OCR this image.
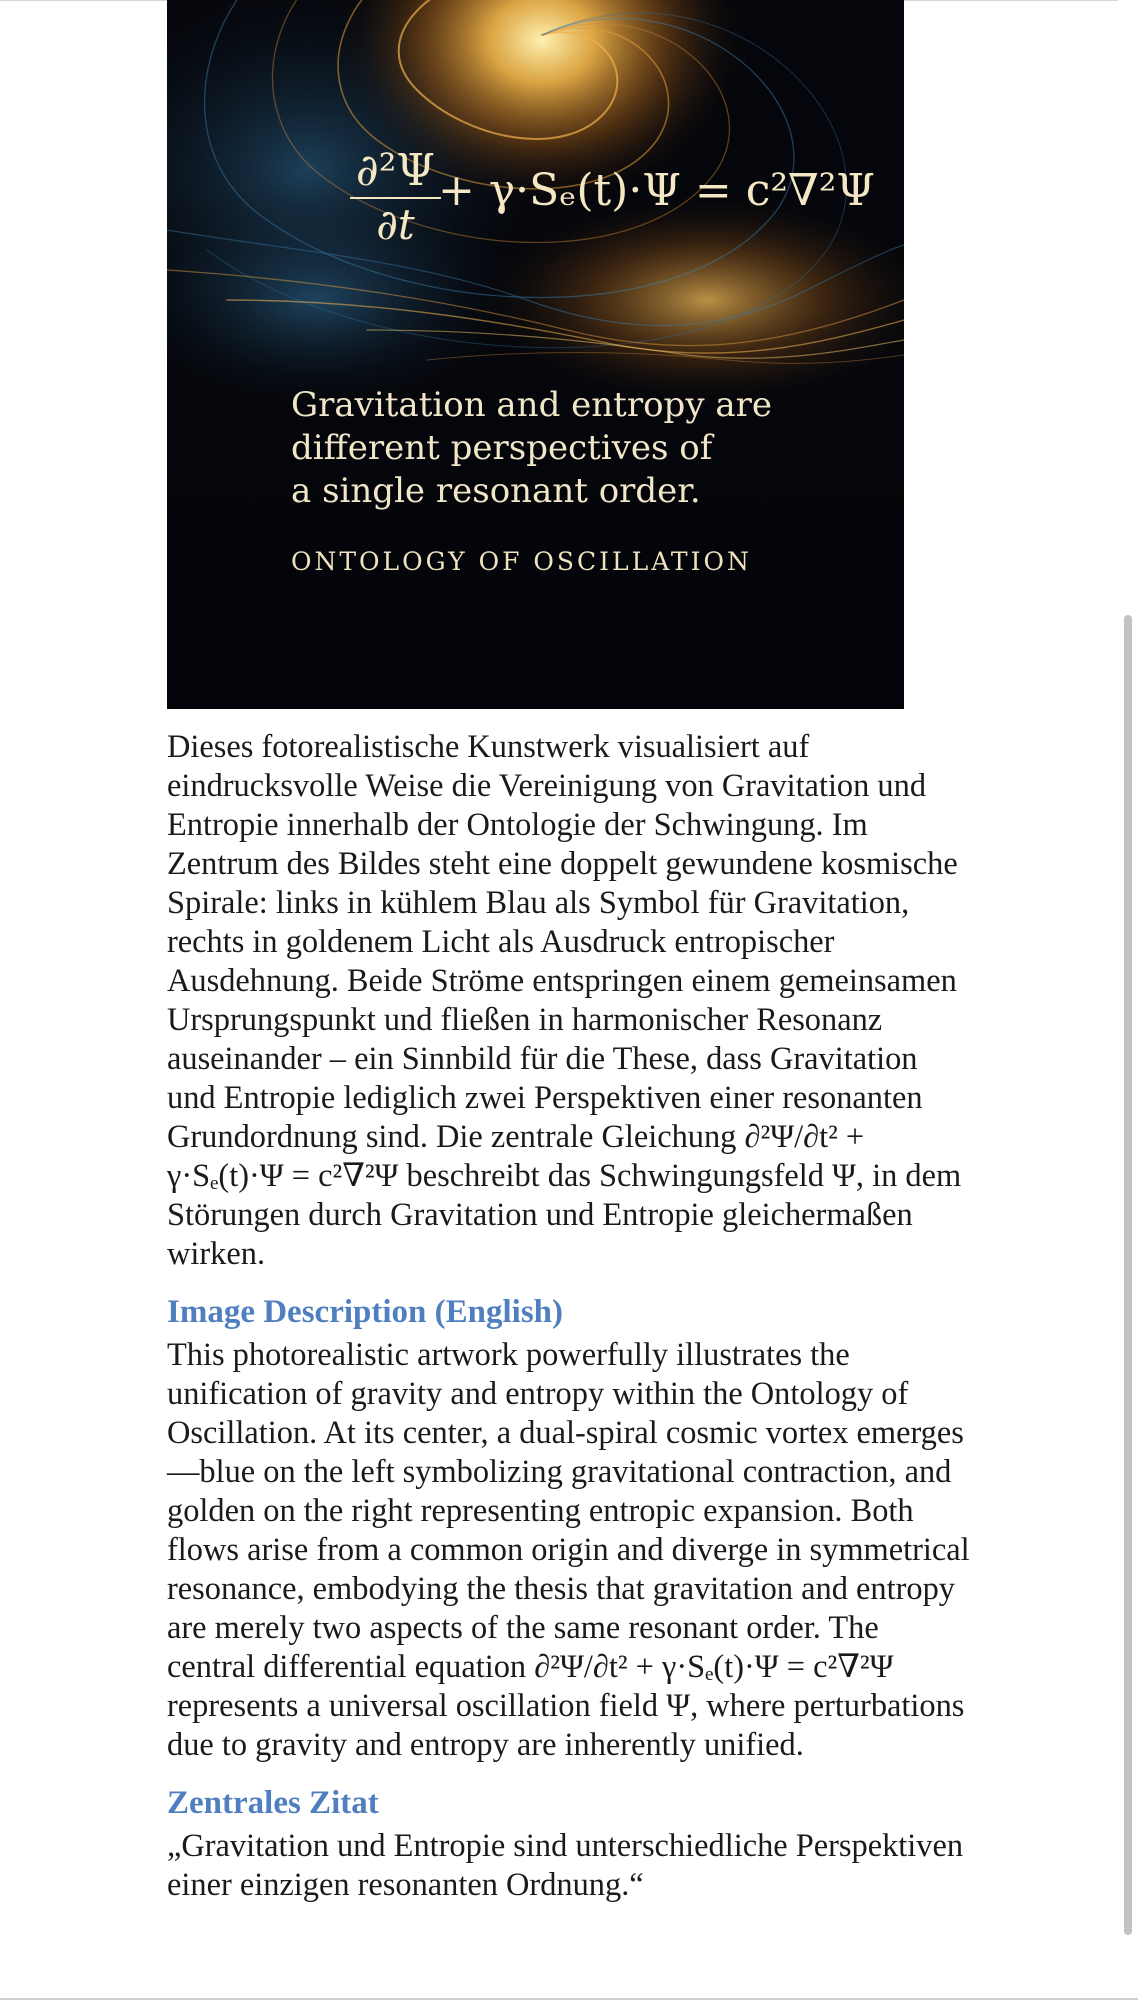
$\frac{\text{∂²Ψ}}{\partial t}$
+ γ·Sₑ(t)·Ψ = c²∇²Ψ
Gravitation and entropy are
different perspectives of
a single resonant order.
ONTOLOGY OF OSCILLATION

Dieses fotorealistische Kunstwerk visualisiert auf eindrucksvolle Weise die Vereinigung von Gravitation und Entropie innerhalb der Ontologie der Schwingung. Im Zentrum des Bildes steht eine doppelt gewundene kosmische Spirale: links in kühlem Blau als Symbol für Gravitation, rechts in goldenem Licht als Ausdruck entropischer Ausdehnung. Beide Ströme entspringen einem gemeinsamen Ursprungspunkt und fließen in harmonischer Resonanz auseinander – ein Sinnbild für die These, dass Gravitation und Entropie lediglich zwei Perspektiven einer resonanten Grundordnung sind. Die zentrale Gleichung ∂²Ψ/∂t² + γ·Sₑ(t)·Ψ = c²∇²Ψ beschreibt das Schwingungsfeld Ψ, in dem Störungen durch Gravitation und Entropie gleichermaßen wirken.

Image Description (English)

This photorealistic artwork powerfully illustrates the unification of gravity and entropy within the Ontology of Oscillation. At its center, a dual-spiral cosmic vortex emerges—blue on the left symbolizing gravitational contraction, and golden on the right representing entropic expansion. Both flows arise from a common origin and diverge in symmetrical resonance, embodying the thesis that gravitation and entropy are merely two aspects of the same resonant order. The central differential equation ∂²Ψ/∂t² + γ·Sₑ(t)·Ψ = c²∇²Ψ represents a universal oscillation field Ψ, where perturbations due to gravity and entropy are inherently unified.

Zentrales Zitat

„Gravitation und Entropie sind unterschiedliche Perspektiven einer einzigen resonanten Ordnung.“
